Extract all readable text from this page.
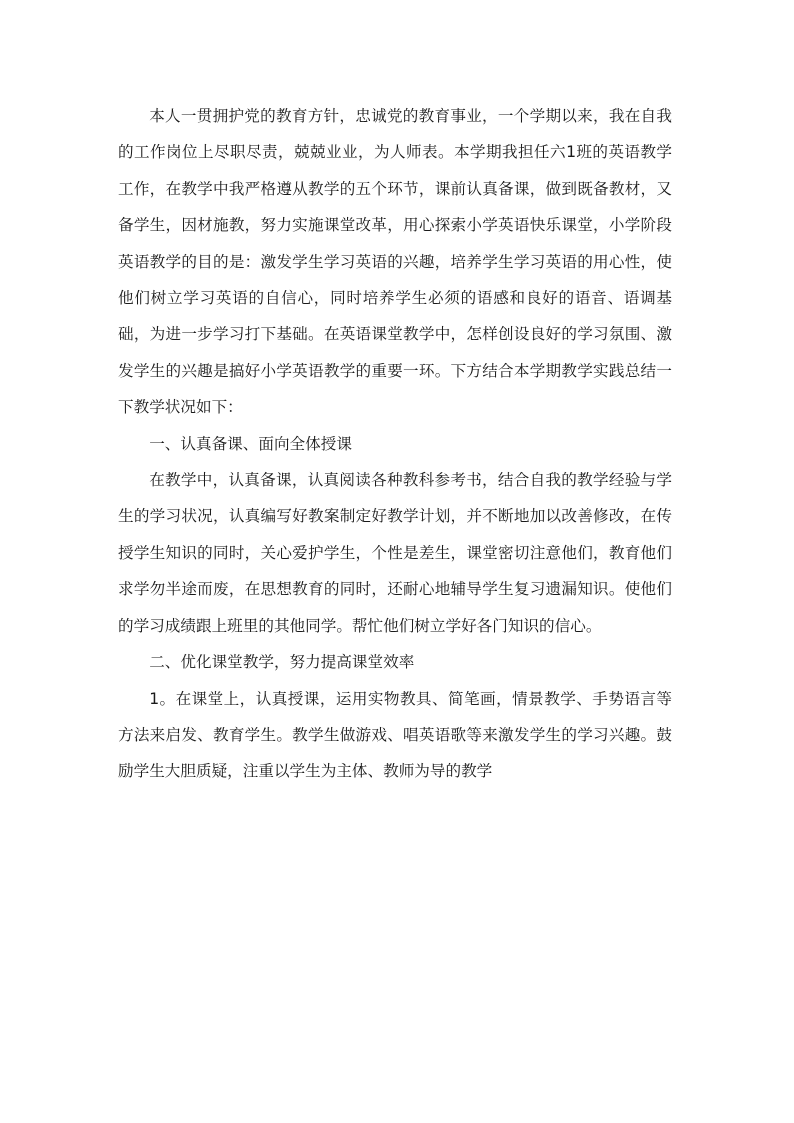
本人一贯拥护党的教育方针，忠诚党的教育事业，一个学期以来，我在自我的工作岗位上尽职尽责，兢兢业业，为人师表。本学期我担任六1班的英语教学工作，在教学中我严格遵从教学的五个环节，课前认真备课，做到既备教材，又备学生，因材施教，努力实施课堂改革，用心探索小学英语快乐课堂，小学阶段英语教学的目的是：激发学生学习英语的兴趣，培养学生学习英语的用心性，使他们树立学习英语的自信心，同时培养学生必须的语感和良好的语音、语调基础，为进一步学习打下基础。在英语课堂教学中，怎样创设良好的学习氛围、激发学生的兴趣是搞好小学英语教学的重要一环。下方结合本学期教学实践总结一下教学状况如下：

一、认真备课、面向全体授课

在教学中，认真备课，认真阅读各种教科参考书，结合自我的教学经验与学生的学习状况，认真编写好教案制定好教学计划，并不断地加以改善修改，在传授学生知识的同时，关心爱护学生，个性是差生，课堂密切注意他们，教育他们求学勿半途而废，在思想教育的同时，还耐心地辅导学生复习遗漏知识。使他们的学习成绩跟上班里的其他同学。帮忙他们树立学好各门知识的信心。

二、优化课堂教学，努力提高课堂效率

1。在课堂上，认真授课，运用实物教具、简笔画，情景教学、手势语言等方法来启发、教育学生。教学生做游戏、唱英语歌等来激发学生的学习兴趣。鼓励学生大胆质疑，注重以学生为主体、教师为导的教学
